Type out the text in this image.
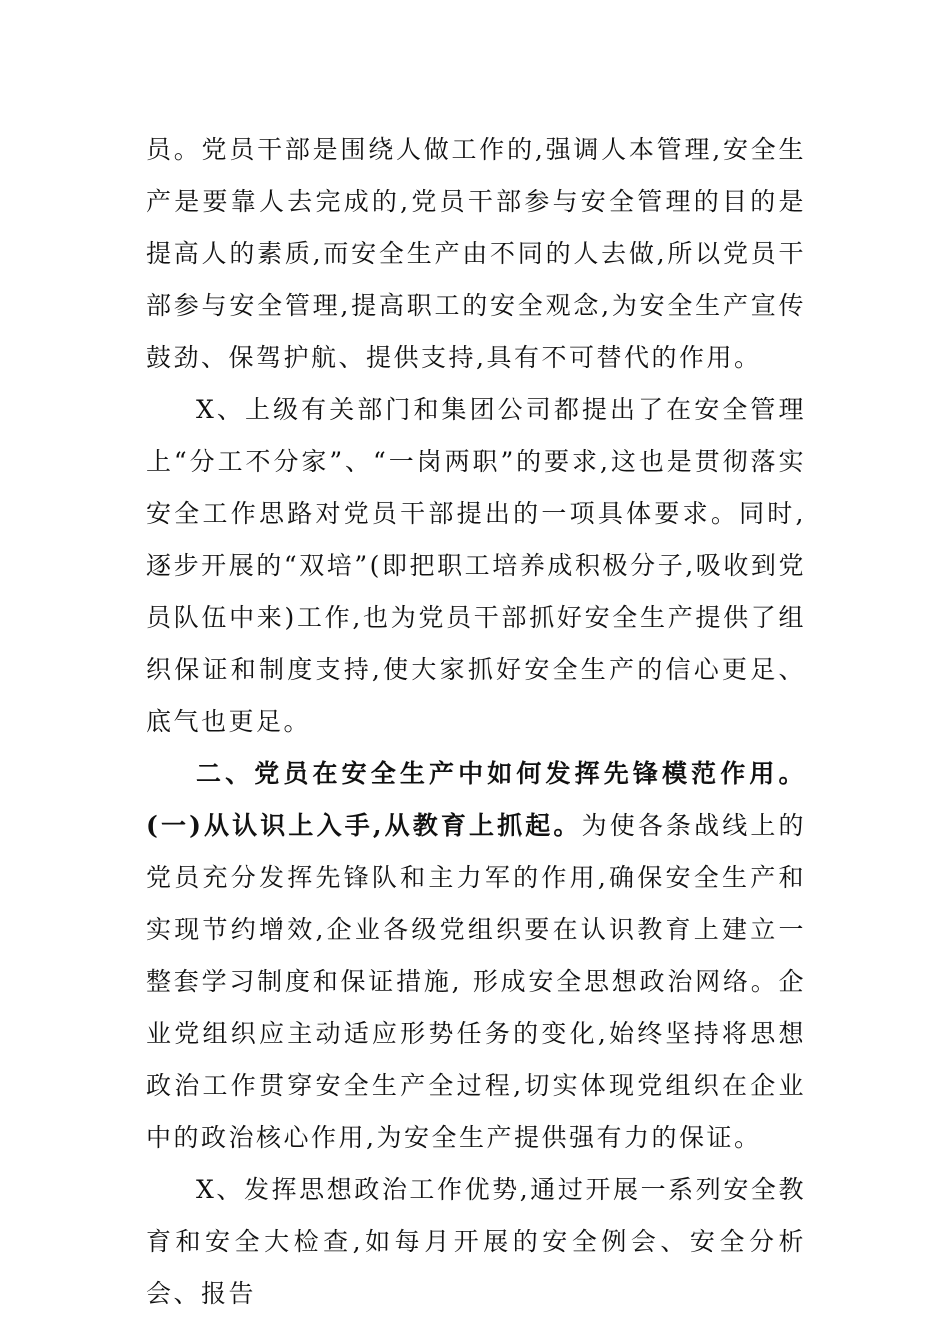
员。党员干部是围绕人做工作的,强调人本管理,安全生产是要靠人去完成的,党员干部参与安全管理的目的是提高人的素质,而安全生产由不同的人去做,所以党员干部参与安全管理,提高职工的安全观念,为安全生产宣传鼓劲、保驾护航、提供支持,具有不可替代的作用。

X、上级有关部门和集团公司都提出了在安全管理上“分工不分家”、“一岗两职”的要求,这也是贯彻落实安全工作思路对党员干部提出的一项具体要求。同时,逐步开展的“双培”(即把职工培养成积极分子,吸收到党员队伍中来)工作,也为党员干部抓好安全生产提供了组织保证和制度支持,使大家抓好安全生产的信心更足、底气也更足。

二、党员在安全生产中如何发挥先锋模范作用。(一)从认识上入手,从教育上抓起。为使各条战线上的党员充分发挥先锋队和主力军的作用,确保安全生产和实现节约增效,企业各级党组织要在认识教育上建立一整套学习制度和保证措施, 形成安全思想政治网络。企业党组织应主动适应形势任务的变化,始终坚持将思想政治工作贯穿安全生产全过程,切实体现党组织在企业中的政治核心作用,为安全生产提供强有力的保证。

X、发挥思想政治工作优势,通过开展一系列安全教育和安全大检查,如每月开展的安全例会、安全分析会、报告
